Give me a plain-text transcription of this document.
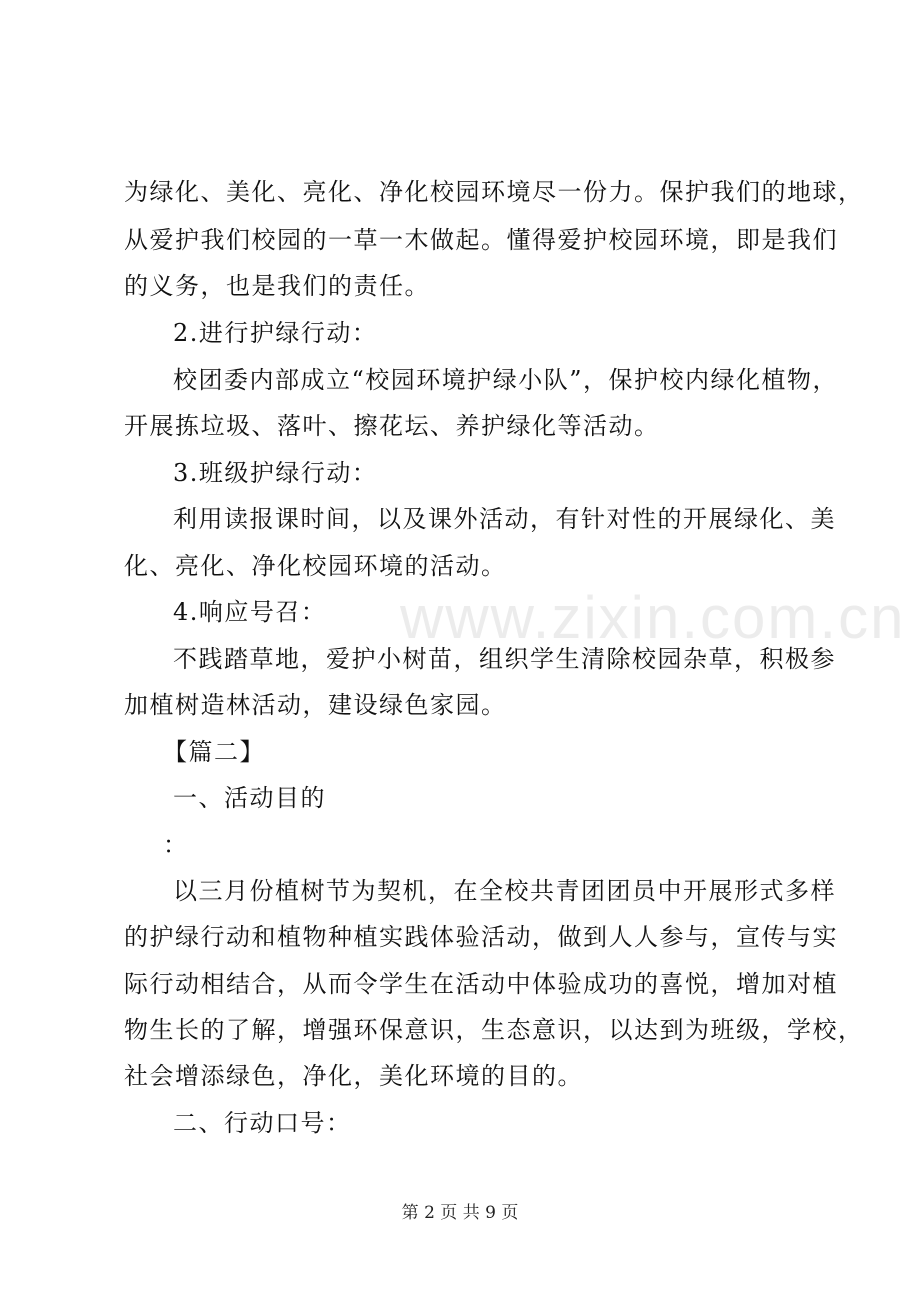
www.zixin.com.cn
为绿化、美化、亮化、净化校园环境尽一份力。保护我们的地球，
从爱护我们校园的一草一木做起。懂得爱护校园环境，即是我们
的义务，也是我们的责任。
2.进行护绿行动：
校团委内部成立“校园环境护绿小队”，保护校内绿化植物，
开展拣垃圾、落叶、擦花坛、养护绿化等活动。
3.班级护绿行动：
利用读报课时间，以及课外活动，有针对性的开展绿化、美
化、亮化、净化校园环境的活动。
4.响应号召：
不践踏草地，爱护小树苗，组织学生清除校园杂草，积极参
加植树造林活动，建设绿色家园。
【篇二】
一、活动目的
：
以三月份植树节为契机，在全校共青团团员中开展形式多样
的护绿行动和植物种植实践体验活动，做到人人参与，宣传与实
际行动相结合，从而令学生在活动中体验成功的喜悦，增加对植
物生长的了解，增强环保意识，生态意识，以达到为班级，学校，
社会增添绿色，净化，美化环境的目的。
二、行动口号：
第 2 页 共 9 页
